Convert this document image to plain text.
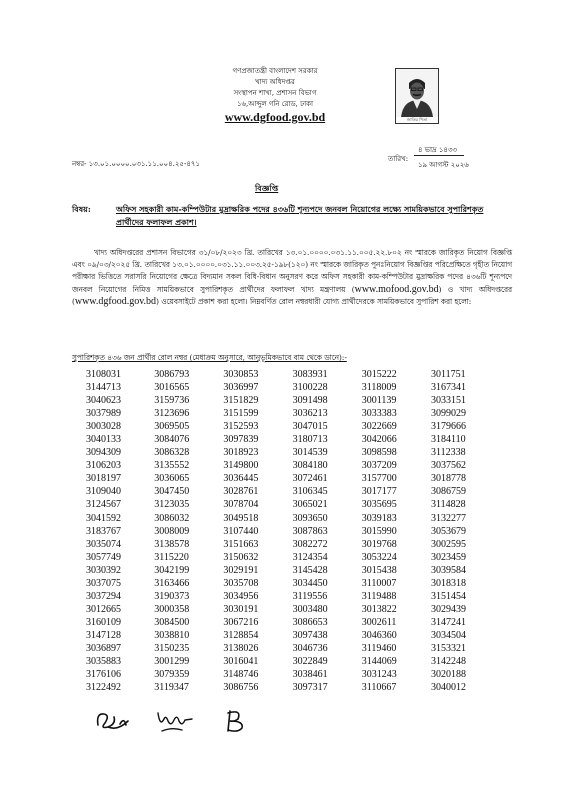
গণপ্রজাতন্ত্রী বাংলাদেশ সরকার
খাদ্য অধিদপ্তর
সংস্থাপন শাখা, প্রশাসন বিভাগ
১৬,আব্দুল গনি রোড, ঢাকা
www.dgfood.gov.bd	জাতির পিতা
নম্বর- ১৩.০১.০০০০.০৩১.১১.০০৪.২৫-৪৭১
তারিখ:
৪ ভাদ্র ১৪৩৩
১৯ আগস্ট ২০২৬
বিজ্ঞপ্তি
বিষয়:	অফিস সহকারী কাম-কম্পিউটার মুদ্রাক্ষরিক পদের ৪৩৬টি শূন্যপদে জনবল নিয়োগের লক্ষ্যে সাময়িকভাবে সুপারিশকৃত প্রার্থীদের ফলাফল প্রকাশ।

খাদ্য অধিদপ্তরের প্রশাসন বিভাগের ৩১/০৮/২০২৩ খ্রি. তারিখের ১৩.০১.০০০০.০৩১.১১.০০৫.২২.৮০২ নং স্মারকে জারিকৃত নিয়োগ বিজ্ঞপ্তি এবং ০৯/০৩/২০২৫ খ্রি. তারিখের ১৩.০১.০০০০.০৩১.১১.০০৩.২৫-১৯৮(১২০) নং স্মারকে জারিকৃত পুনঃনিয়োগ বিজ্ঞপ্তির পরিপ্রেক্ষিতে গৃহীত নিয়োগ পরীক্ষার ভিত্তিতে সরাসরি নিয়োগের ক্ষেত্রে বিদ্যমান সকল বিধি-বিধান অনুসরণ করে অফিস সহকারী কাম-কম্পিউটার মুদ্রাক্ষরিক পদের ৪৩৬টি শূন্যপদে জনবল নিয়োগের নিমিত্ত সাময়িকভাবে সুপারিশকৃত প্রার্থীদের ফলাফল খাদ্য মন্ত্রণালয় (www.mofood.gov.bd) ও খাদ্য অধিদপ্তরের (www.dgfood.gov.bd) ওয়েবসাইটে প্রকাশ করা হলো। নিম্নবর্ণিত রোল নম্বরধারী যোগ্য প্রার্থীদেরকে সাময়িকভাবে সুপারিশ করা হলো:

সুপারিশকৃত ৪৩৬ জন প্রার্থীর রোল নম্বর (মেধাক্রম অনুসারে, আনুভূমিকভাবে বাম থেকে ডানে):-
3108031	3086793	3030853	3083931	3015222	3011751
3144713	3016565	3036997	3100228	3118009	3167341
3040623	3159736	3151829	3091498	3001139	3033151
3037989	3123696	3151599	3036213	3033383	3099029
3003028	3069505	3152593	3047015	3022669	3179666
3040133	3084076	3097839	3180713	3042066	3184110
3094309	3086328	3018923	3014539	3098598	3112338
3106203	3135552	3149800	3084180	3037209	3037562
3018197	3036065	3036445	3072461	3157700	3018778
3109040	3047450	3028761	3106345	3017177	3086759
3124567	3123035	3078704	3065021	3035695	3114828
3041592	3086032	3049518	3093650	3039183	3132277
3183767	3008009	3107440	3087863	3015990	3053679
3035074	3138578	3151663	3082272	3019768	3002595
3057749	3115220	3150632	3124354	3053224	3023459
3030392	3042199	3029191	3145428	3015438	3039584
3037075	3163466	3035708	3034450	3110007	3018318
3037294	3190373	3034956	3119556	3119488	3151454
3012665	3000358	3030191	3003480	3013822	3029439
3160109	3084500	3067216	3086653	3002611	3147241
3147128	3038810	3128854	3097438	3046360	3034504
3036897	3150235	3138026	3046736	3119460	3153321
3035883	3001299	3016041	3022849	3144069	3142248
3176106	3079359	3148746	3038461	3031243	3020188
3122492	3119347	3086756	3097317	3110667	3040012
